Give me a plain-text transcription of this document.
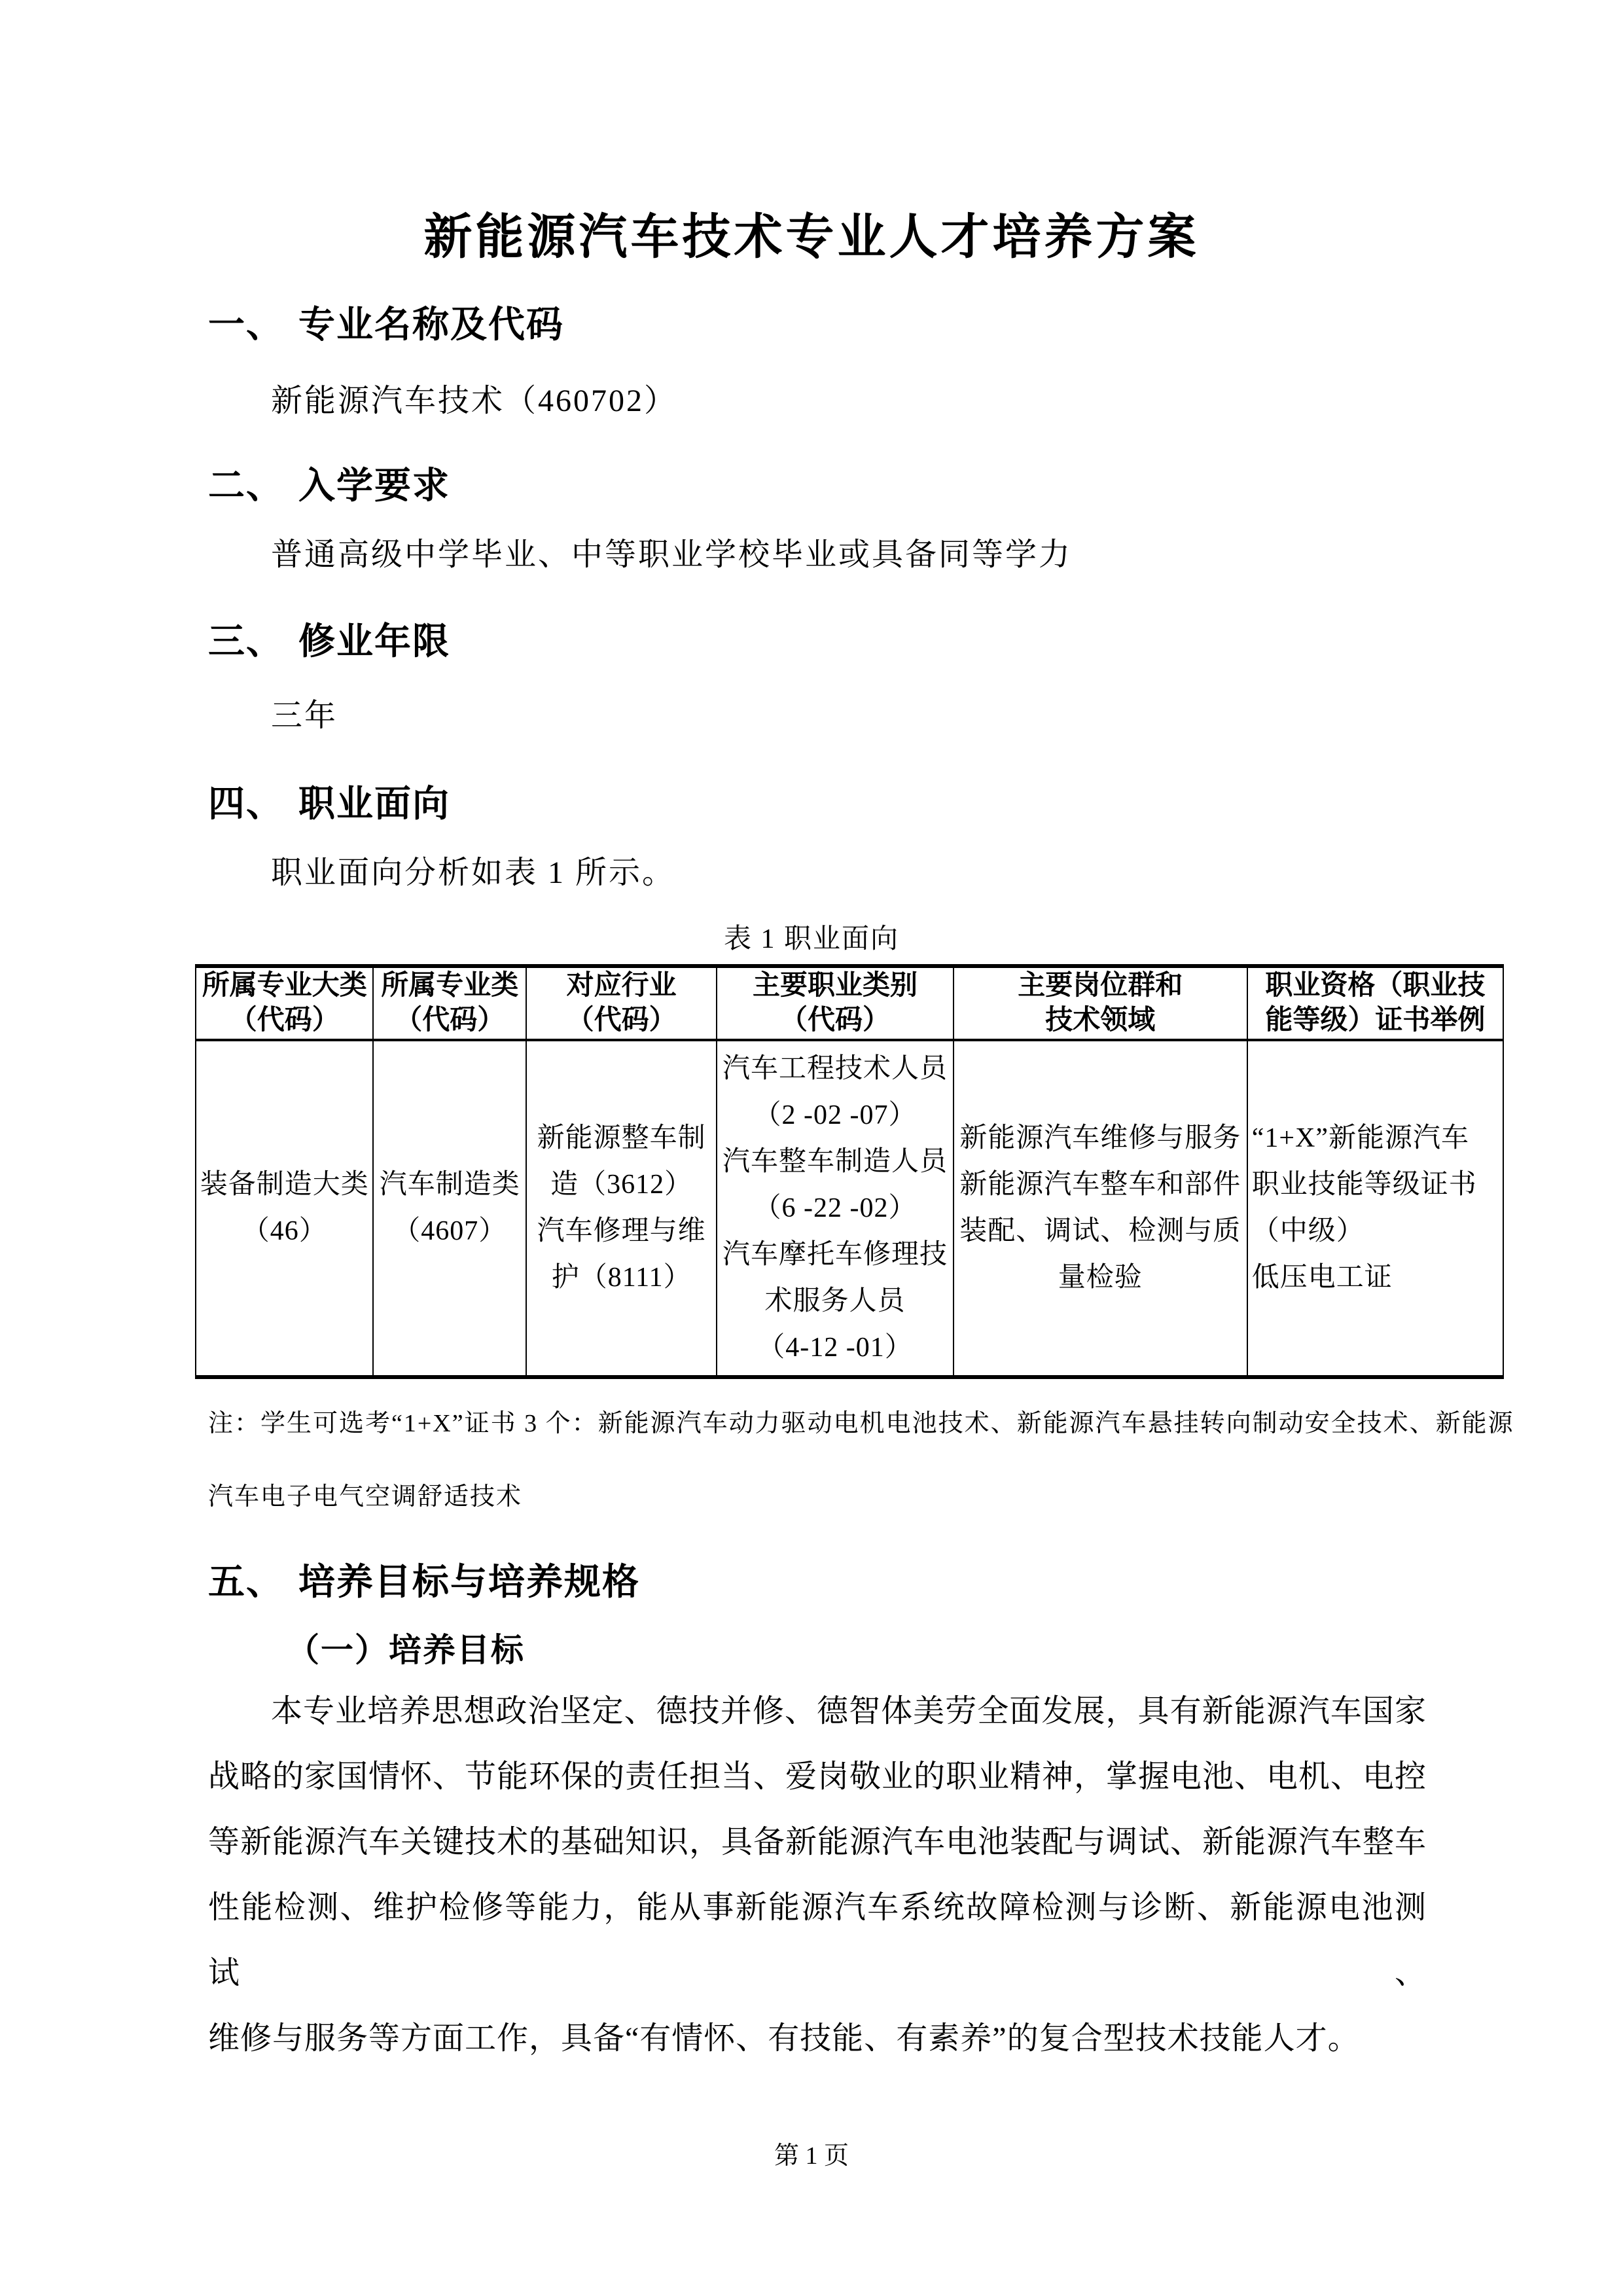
新能源汽车技术专业人才培养方案
一、 专业名称及代码
新能源汽车技术（460702）
二、 入学要求
普通高级中学毕业、中等职业学校毕业或具备同等学力
三、 修业年限
三年
四、 职业面向
职业面向分析如表 1 所示。
表 1 职业面向
所属专业大类
（代码）
所属专业类
（代码）
对应行业
（代码）
主要职业类别
（代码）
主要岗位群和
技术领域
职业资格（职业技
能等级）证书举例
装备制造大类
（46）
汽车制造类
（4607）
新能源整车制
造（3612）
汽车修理与维
护（8111）
汽车工程技术人员
（2 -02 -07）
汽车整车制造人员
（6 -22 -02）
汽车摩托车修理技
术服务人员
（4-12 -01）
新能源汽车维修与服务
新能源汽车整车和部件
装配、调试、检测与质
量检验
“1+X”新能源汽车
职业技能等级证书
（中级）
低压电工证
注：学生可选考“1+X”证书 3 个：新能源汽车动力驱动电机电池技术、新能源汽车悬挂转向制动安全技术、新能源
汽车电子电气空调舒适技术
五、 培养目标与培养规格
（一）培养目标
本专业培养思想政治坚定、德技并修、德智体美劳全面发展，具有新能源汽车国家
战略的家国情怀、节能环保的责任担当、爱岗敬业的职业精神，掌握电池、电机、电控
等新能源汽车关键技术的基础知识，具备新能源汽车电池装配与调试、新能源汽车整车
性能检测、维护检修等能力，能从事新能源汽车系统故障检测与诊断、新能源电池测试、
维修与服务等方面工作，具备“有情怀、有技能、有素养”的复合型技术技能人才。
第 1 页
